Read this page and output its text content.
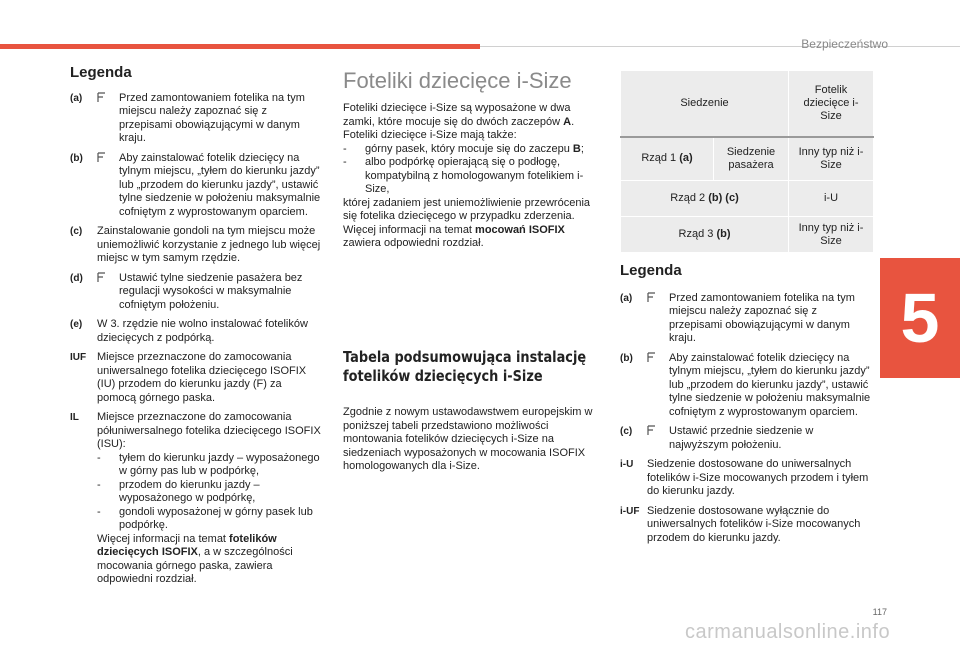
Bezpieczeństwo
5
117
carmanualsonline.info
Legenda
(a)	Przed zamontowaniem fotelika na tym miejscu należy zapoznać się z przepisami obowiązującymi w danym kraju.
(b)	Aby zainstalować fotelik dziecięcy na tylnym miejscu, „tyłem do kierunku jazdy” lub „przodem do kierunku jazdy”, ustawić tylne siedzenie w położeniu maksymalnie cofniętym z wyprostowanym oparciem.
(c)	Zainstalowanie gondoli na tym miejscu może uniemożliwić korzystanie z jednego lub więcej miejsc w tym samym rzędzie.
(d)	Ustawić tylne siedzenie pasażera bez regulacji wysokości w maksymalnie cofniętym położeniu.
(e)	W 3. rzędzie nie wolno instalować fotelików dziecięcych z podpórką.
IUF Miejsce przeznaczone do zamocowania uniwersalnego fotelika dziecięcego ISOFIX (IU) przodem do kierunku jazdy (F) za pomocą górnego paska.
IL	Miejsce przeznaczone do zamocowania półuniwersalnego fotelika dziecięcego ISOFIX (ISU):
-	tyłem do kierunku jazdy – wyposażonego w górny pas lub w podpórkę,
-	przodem do kierunku jazdy – wyposażonego w podpórkę,
-	gondoli wyposażonej w górny pasek lub podpórkę.
Więcej informacji na temat fotelików dziecięcych ISOFIX, a w szczególności mocowania górnego paska, zawiera odpowiedni rozdział.
Foteliki dziecięce i-Size
Foteliki dziecięce i-Size są wyposażone w dwa zamki, które mocuje się do dwóch zaczepów A.
Foteliki dziecięce i-Size mają także:
-	górny pasek, który mocuje się do zaczepu B;
-	albo podpórkę opierającą się o podłogę, kompatybilną z homologowanym fotelikiem i-Size,
której zadaniem jest uniemożliwienie przewrócenia się fotelika dziecięcego w przypadku zderzenia.
Więcej informacji na temat mocowań ISOFIX zawiera odpowiedni rozdział.
Tabela podsumowująca instalację
fotelików dziecięcych i-Size
Zgodnie z nowym ustawodawstwem europejskim w poniższej tabeli przedstawiono możliwości montowania fotelików dziecięcych i-Size na siedzeniach wyposażonych w mocowania ISOFIX homologowanych dla i-Size.
Siedzenie		Fotelik dziecięce i-Size
Rząd 1 (a)	Siedzenie pasażera	Inny typ niż i-Size
Rząd 2 (b) (c)		i-U
Rząd 3 (b)		Inny typ niż i-Size
Legenda
(a)	Przed zamontowaniem fotelika na tym miejscu należy zapoznać się z przepisami obowiązującymi w danym kraju.
(b)	Aby zainstalować fotelik dziecięcy na tylnym miejscu, „tyłem do kierunku jazdy” lub „przodem do kierunku jazdy”, ustawić tylne siedzenie w położeniu maksymalnie cofniętym z wyprostowanym oparciem.
(c)	Ustawić przednie siedzenie w najwyższym położeniu.
i-U	Siedzenie dostosowane do uniwersalnych fotelików i-Size mocowanych przodem i tyłem do kierunku jazdy.
i-UF Siedzenie dostosowane wyłącznie do uniwersalnych fotelików i-Size mocowanych przodem do kierunku jazdy.
